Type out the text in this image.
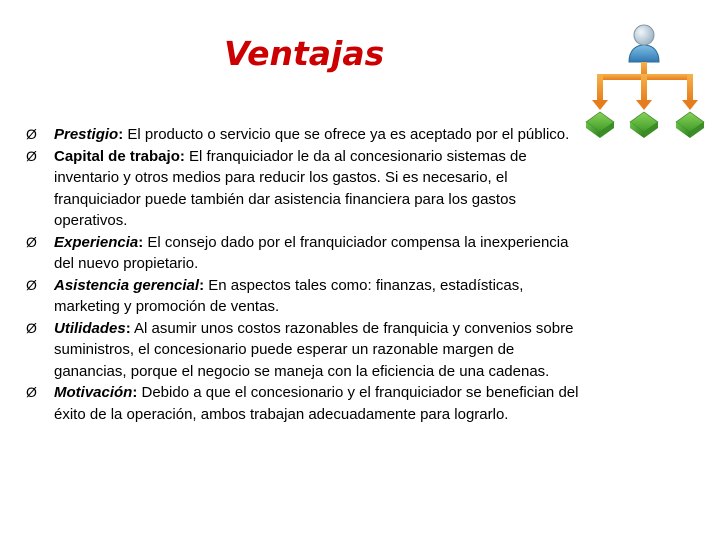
Ventajas
Ø	Prestigio: El producto o servicio que se ofrece ya es aceptado por el público.
Ø	Capital de trabajo: El franquiciador le da al concesionario sistemas de inventario y otros medios para reducir los gastos. Si es necesario, el franquiciador puede también dar asistencia financiera para los gastos operativos.
Ø	Experiencia: El consejo dado por el franquiciador compensa la inexperiencia del nuevo propietario.
Ø	Asistencia gerencial: En aspectos tales como: finanzas, estadísticas, marketing y promoción de ventas.
Ø	Utilidades: Al asumir unos costos razonables de franquicia y convenios sobre suministros, el concesionario puede esperar un razonable margen de ganancias, porque el negocio se maneja con la eficiencia de una cadenas.
Ø	Motivación: Debido a que el concesionario y el franquiciador se benefician del éxito de la operación, ambos trabajan adecuadamente para lograrlo.
